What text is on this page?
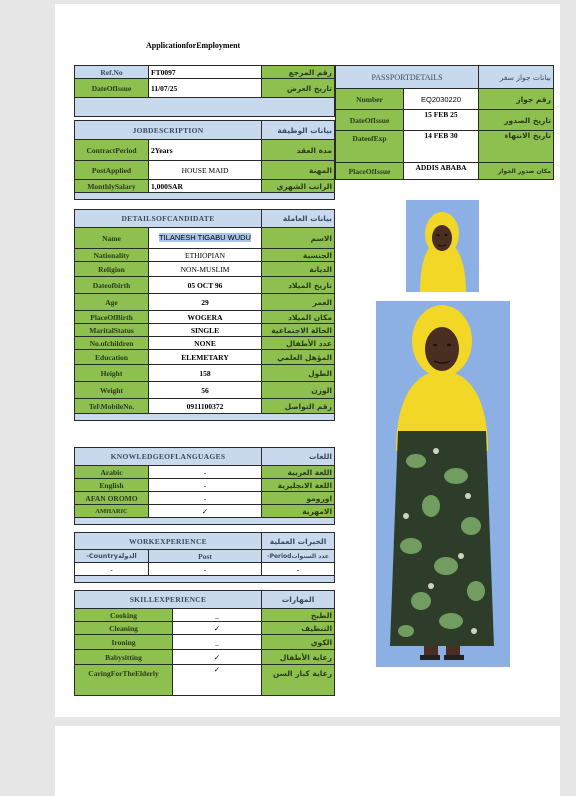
ApplicationforEmployment
Ref.No	FT0097	رقم المرجع
DateOfIssue	11/07/25	تاريخ العرض

JOBDESCRIPTION		بيانات الوظيفة
ContractPeriod	2Years	مدة العقد
PostApplied	HOUSE MAID	المهنة
MonthlySalary	1,000SAR	الراتب الشهري

DETAILSOFCANDIDATE		بيانات العاملة
Name	TILANESH TIGABU WUDU	الاسم
Nationality	ETHIOPIAN	الجنسية
Religion	NON-MUSLIM	الديانة
Dateofbirth	05 OCT 96	تاريخ الميلاد
Age	29	العمر
PlaceOfBirth	WOGERA	مكان الميلاد
MaritalStatus	SINGLE	الحالة الاجتماعية
No.ofchildren	NONE	عدد الأطفال
Education	ELEMETARY	المؤهل العلمي
Height	158	الطول
Weight	56	الوزن
Tel\MobileNo.	0911100372	رقم التواصل

KNOWLEDGEOFLANGUAGES		اللغات
Arabic	-	اللغة العربية
English	-	اللغة الانجليزية
AFAN OROMO	-	اورومو
AMHARIC	✓	الامهرية

WORKEXPERIENCE		الخبرات العملية
-Countryالدولة	Post	-Periodعدد السنوات
-	-	-

SKILLEXPERIENCE		المهارات
Cooking	_	الطبخ
Cleaning	✓	التنظيف
Ironing	_	الكوي
Babysitting	✓	رعاية الأطفال
CaringForTheElderly	✓	رعاية كبار السن
PASSPORTDETAILS		بيانات جواز سفر
Number	EQ2030220	رقم جواز
DateOfIssue	15 FEB 25	تاريخ الصدور
DateofExp	14 FEB 30	تاريخ الانتهاء
PlaceOfIssue	ADDIS ABABA	مكان صدور الجواز
